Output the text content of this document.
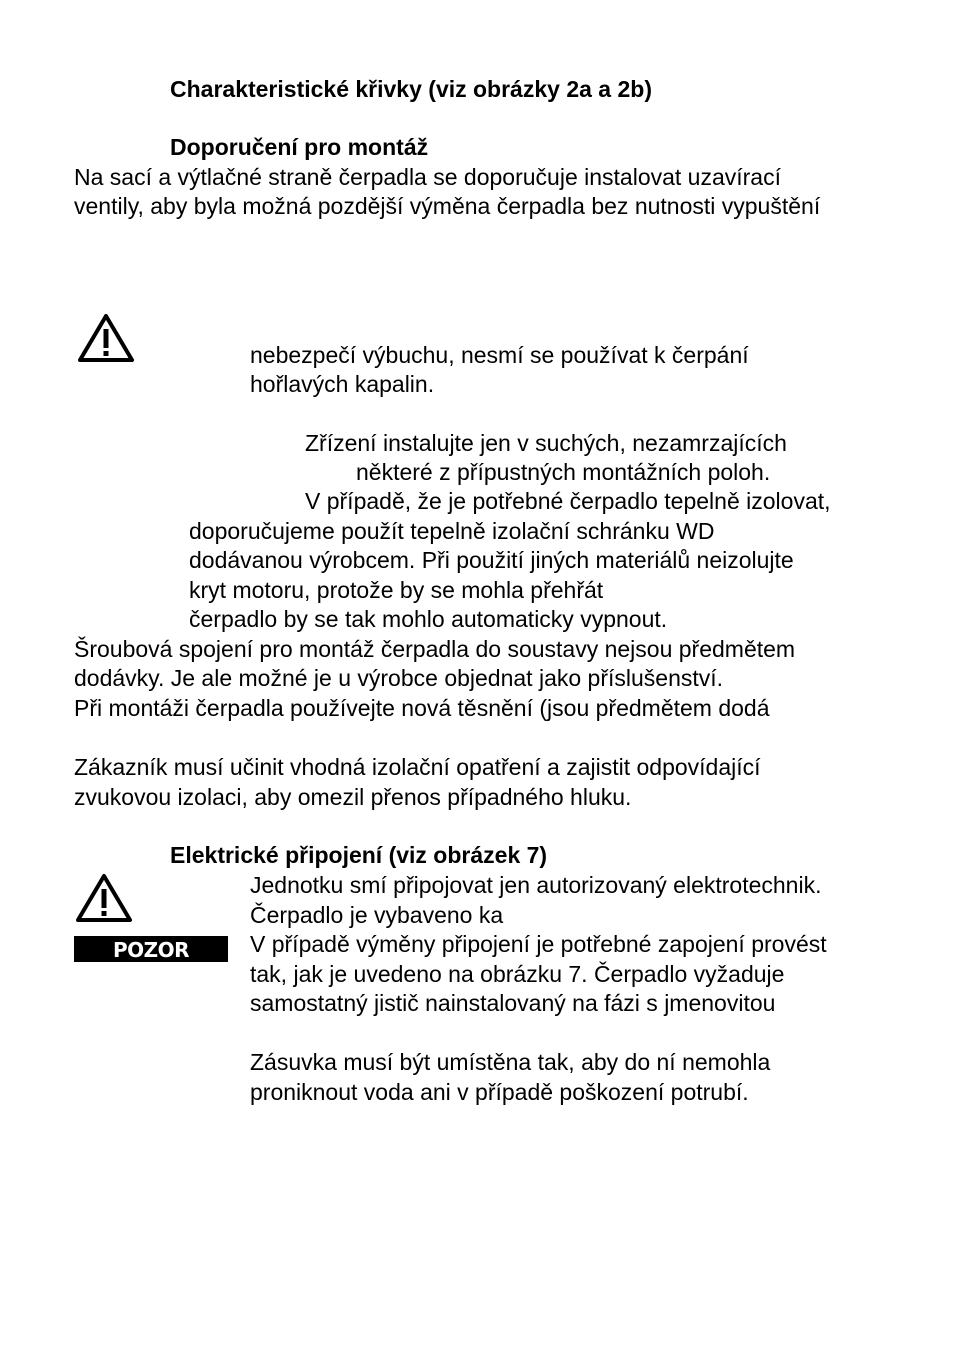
Charakteristické křivky (viz obrázky 2a a 2b)
Doporučení pro montáž
Na sací a výtlačné straně čerpadla se doporučuje instalovat uzavírací
ventily, aby byla možná pozdější výměna čerpadla bez nutnosti vypuštění
nebezpečí výbuchu, nesmí se používat k čerpání
hořlavých kapalin.
Zřízení instalujte jen v suchých, nezamrzajících
některé z přípustných montážních poloh.
V případě, že je potřebné čerpadlo tepelně izolovat,
doporučujeme použít tepelně izolační schránku WD
dodávanou výrobcem. Při použití jiných materiálů neizolujte
kryt motoru, protože by se mohla přehřát
čerpadlo by se tak mohlo automaticky vypnout.
Šroubová spojení pro montáž čerpadla do soustavy nejsou předmětem
dodávky. Je ale možné je u výrobce objednat jako příslušenství.
Při montáži čerpadla používejte nová těsnění (jsou předmětem dodá
Zákazník musí učinit vhodná izolační opatření a zajistit odpovídající
zvukovou izolaci, aby omezil přenos případného hluku.
Elektrické připojení (viz obrázek 7)
POZOR
Jednotku smí připojovat jen autorizovaný elektrotechnik.
Čerpadlo je vybaveno ka
V případě výměny připojení je potřebné zapojení provést
tak, jak je uvedeno na obrázku 7. Čerpadlo vyžaduje
samostatný jistič nainstalovaný na fázi s jmenovitou
Zásuvka musí být umístěna tak, aby do ní nemohla
proniknout voda ani v případě poškození potrubí.
